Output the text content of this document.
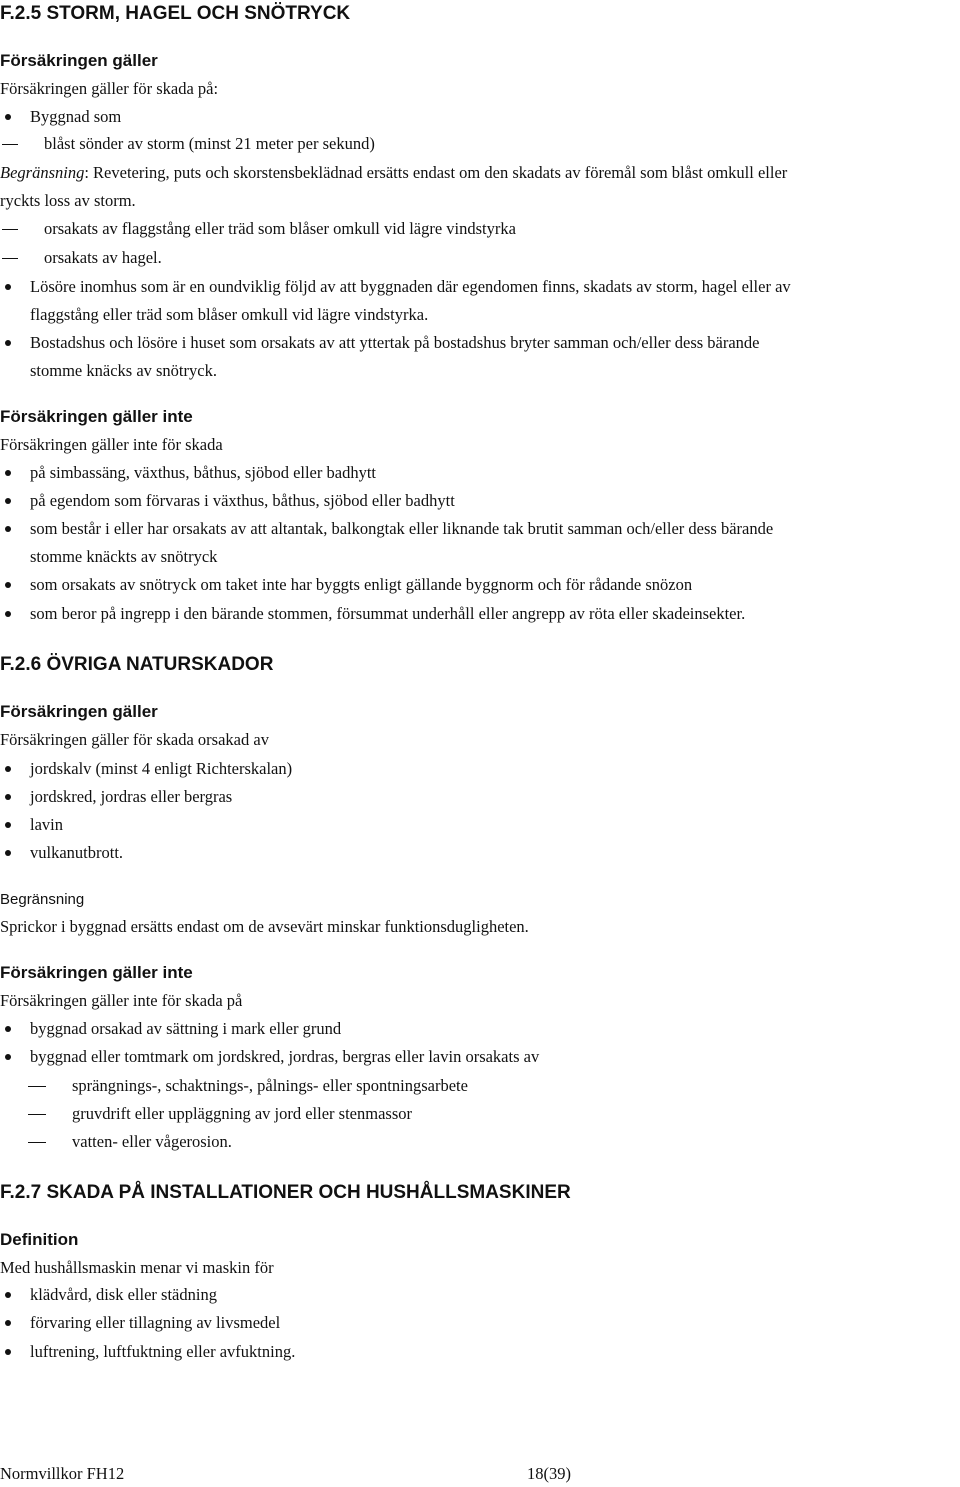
F.2.5 STORM, HAGEL OCH SNÖTRYCK
Försäkringen gäller
Försäkringen gäller för skada på:
Byggnad som
blåst sönder av storm (minst 21 meter per sekund)
Begränsning: Revetering, puts och skorstensbeklädnad ersätts endast om den skadats av föremål som blåst omkull eller
ryckts loss av storm.
orsakats av flaggstång eller träd som blåser omkull vid lägre vindstyrka
orsakats av hagel.
Lösöre inomhus som är en oundviklig följd av att byggnaden där egendomen finns, skadats av storm, hagel eller av
flaggstång eller träd som blåser omkull vid lägre vindstyrka.
Bostadshus och lösöre i huset som orsakats av att yttertak på bostadshus bryter samman och/eller dess bärande
stomme knäcks av snötryck.
Försäkringen gäller inte
Försäkringen gäller inte för skada
på simbassäng, växthus, båthus, sjöbod eller badhytt
på egendom som förvaras i växthus, båthus, sjöbod eller badhytt
som består i eller har orsakats av att altantak, balkongtak eller liknande tak brutit samman och/eller dess bärande
stomme knäckts av snötryck
som orsakats av snötryck om taket inte har byggts enligt gällande byggnorm och för rådande snözon
som beror på ingrepp i den bärande stommen, försummat underhåll eller angrepp av röta eller skadeinsekter.
F.2.6 ÖVRIGA NATURSKADOR
Försäkringen gäller
Försäkringen gäller för skada orsakad av
jordskalv (minst 4 enligt Richterskalan)
jordskred, jordras eller bergras
lavin
vulkanutbrott.
Begränsning
Sprickor i byggnad ersätts endast om de avsevärt minskar funktionsdugligheten.
Försäkringen gäller inte
Försäkringen gäller inte för skada på
byggnad orsakad av sättning i mark eller grund
byggnad eller tomtmark om jordskred, jordras, bergras eller lavin orsakats av
sprängnings-, schaktnings-, pålnings- eller spontningsarbete
gruvdrift eller uppläggning av jord eller stenmassor
vatten- eller vågerosion.
F.2.7 SKADA PÅ INSTALLATIONER OCH HUSHÅLLSMASKINER
Definition
Med hushållsmaskin menar vi maskin för
klädvård, disk eller städning
förvaring eller tillagning av livsmedel
luftrening, luftfuktning eller avfuktning.
Normvillkor FH12	18(39)
